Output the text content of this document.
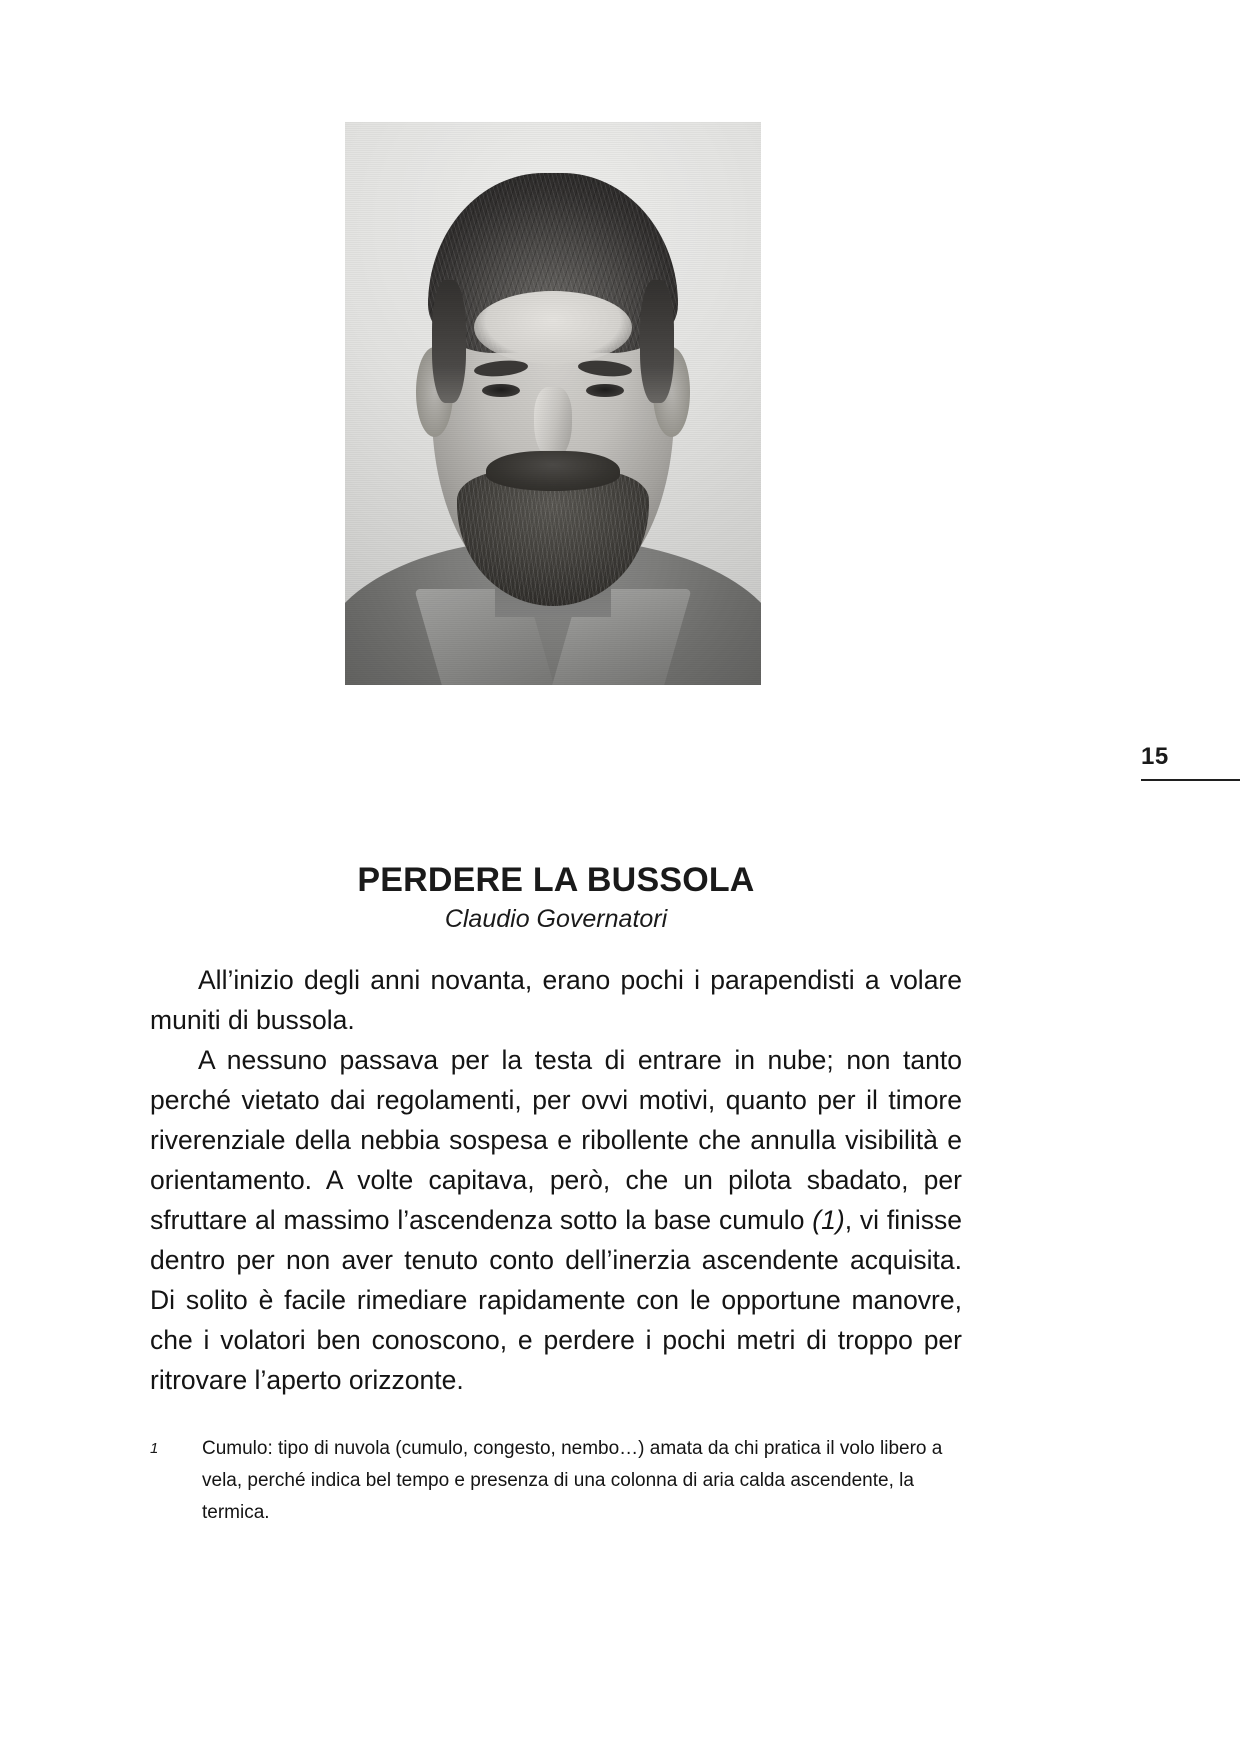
15
PERDERE LA BUSSOLA
Claudio Governatori

All’inizio degli anni novanta, erano pochi i parapendisti a volare muniti di bussola.

A nessuno passava per la testa di entrare in nube; non tanto perché vietato dai regolamenti, per ovvi motivi, quanto per il timore riverenziale della nebbia sospesa e ribollente che annulla visibilità e orientamento. A volte capitava, però, che un pilota sbadato, per sfruttare al massimo l’ascendenza sotto la base cumulo (1), vi finisse dentro per non aver tenuto conto dell’inerzia ascendente acquisita. Di solito è facile rimediare rapidamente con le opportune manovre, che i volatori ben conoscono, e perdere i pochi metri di troppo per ritrovare l’aperto orizzonte.

1	Cumulo: tipo di nuvola (cumulo, congesto, nembo…) amata da chi pratica il volo libero a vela, perché indica bel tempo e presenza di una colonna di aria calda ascendente, la termica.
